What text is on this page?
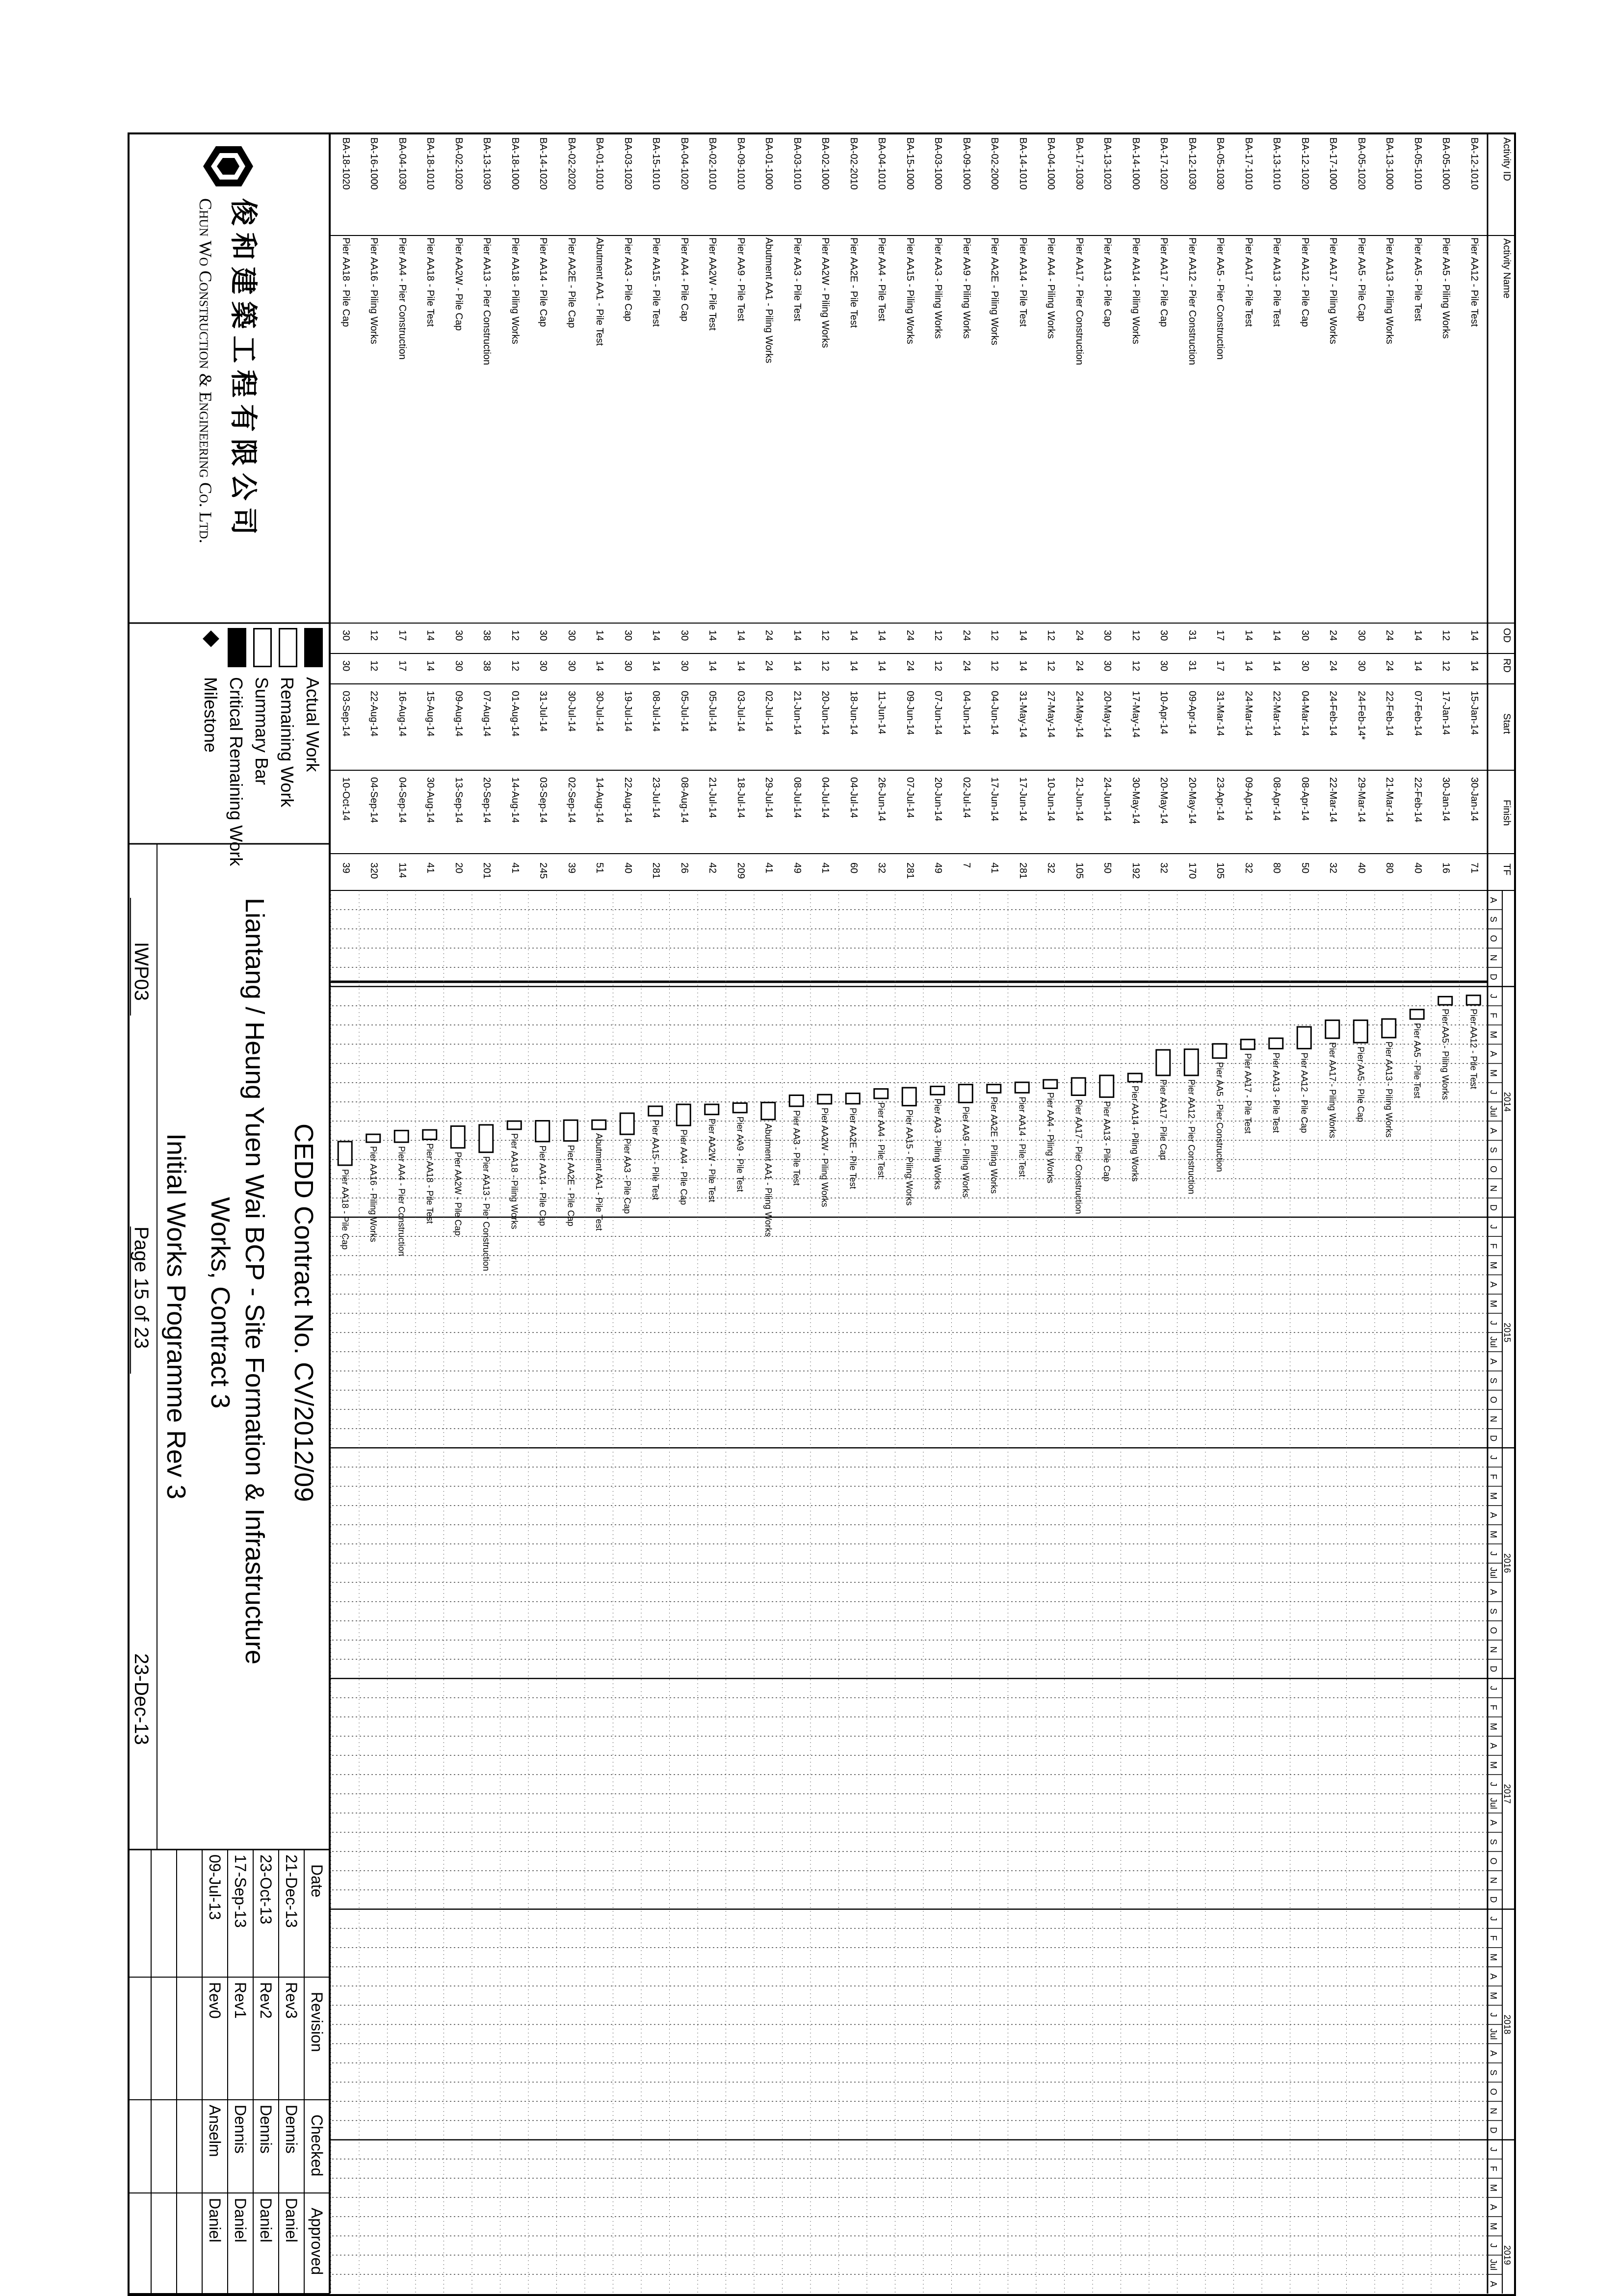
A
S
O
N
D
J
F
M
A
M
J
Jul
A
S
O
N
D
J
F
M
A
M
J
Jul
A
S
O
N
D
J
F
M
A
M
J
Jul
A
S
O
N
D
J
F
M
A
M
J
Jul
A
S
O
N
D
J
F
M
A
M
J
Jul
A
S
O
N
D
J
F
M
A
M
J
Jul
A
2014
2015
2016
2017
2018
2019
Pier AA12 - Pile Test
Pier AA5 - Piling Works
Pier AA5 - Pile Test
Pier AA13 - Piling Works
Pier AA5 - Pile Cap
Pier AA17 - Piling Works
Pier AA12 - Pile Cap
Pier AA13 - Pile Test
Pier AA17 - Pile Test
Pier AA5 - Pier Construction
Pier AA12 - Pier Construction
Pier AA17 - Pile Cap
Pier AA14 - Piling Works
Pier AA13 - Pile Cap
Pier AA17 - Pier Construction
Pier AA4 - Piling Works
Pier AA14 - Pile Test
Pier AA2E - Piling Works
Pier AA9 - Piling Works
Pier AA3 - Piling Works
Pier AA15 - Piling Works
Pier AA4 - Pile Test
Pier AA2E - Pile Test
Pier AA2W - Piling Works
Pier AA3 - Pile Test
Abutment AA1 - Piling Works
Pier AA9 - Pile Test
Pier AA2W - Pile Test
Pier AA4 - Pile Cap
Pier AA15 - Pile Test
Pier AA3 - Pile Cap
Abutment AA1 - Pile Test
Pier AA2E - Pile Cap
Pier AA14 - Pile Cap
Pier AA18 - Piling Works
Pier AA13 - Pier Construction
Pier AA2W - Pile Cap
Pier AA18 - Pile Test
Pier AA4 - Pier Construction
Pier AA16 - Piling Works
Pier AA18 - Pile Cap
俊和建築工程有限公司
Chun Wo Construction & Engineering Co. Ltd.
CEDD Contract No. CV/2012/09
Liantang / Heung Yuen Wai BCP - Site Formation & Infrastructure
Works, Contract 3
Initial Works Programme Rev 3
IWP03
Page 15 of 23
23-Dec-13
Activity ID
Activity Name
OD
RD
Start
Finish
TF
BA-12-1010
Pier AA12 - Pile Test
14
14
15-Jan-14
30-Jan-14
71
BA-05-1000
Pier AA5 - Piling Works
12
12
17-Jan-14
30-Jan-14
16
BA-05-1010
Pier AA5 - Pile Test
14
14
07-Feb-14
22-Feb-14
40
BA-13-1000
Pier AA13 - Piling Works
24
24
22-Feb-14
21-Mar-14
80
BA-05-1020
Pier AA5 - Pile Cap
30
30
24-Feb-14*
29-Mar-14
40
BA-17-1000
Pier AA17 - Piling Works
24
24
24-Feb-14
22-Mar-14
32
BA-12-1020
Pier AA12 - Pile Cap
30
30
04-Mar-14
08-Apr-14
50
BA-13-1010
Pier AA13 - Pile Test
14
14
22-Mar-14
08-Apr-14
80
BA-17-1010
Pier AA17 - Pile Test
14
14
24-Mar-14
09-Apr-14
32
BA-05-1030
Pier AA5 - Pier Construction
17
17
31-Mar-14
23-Apr-14
105
BA-12-1030
Pier AA12 - Pier Construction
31
31
09-Apr-14
20-May-14
170
BA-17-1020
Pier AA17 - Pile Cap
30
30
10-Apr-14
20-May-14
32
BA-14-1000
Pier AA14 - Piling Works
12
12
17-May-14
30-May-14
192
BA-13-1020
Pier AA13 - Pile Cap
30
30
20-May-14
24-Jun-14
50
BA-17-1030
Pier AA17 - Pier Construction
24
24
24-May-14
21-Jun-14
105
BA-04-1000
Pier AA4 - Piling Works
12
12
27-May-14
10-Jun-14
32
BA-14-1010
Pier AA14 - Pile Test
14
14
31-May-14
17-Jun-14
281
BA-02-2000
Pier AA2E - Piling Works
12
12
04-Jun-14
17-Jun-14
41
BA-09-1000
Pier AA9 - Piling Works
24
24
04-Jun-14
02-Jul-14
7
BA-03-1000
Pier AA3 - Piling Works
12
12
07-Jun-14
20-Jun-14
49
BA-15-1000
Pier AA15 - Piling Works
24
24
09-Jun-14
07-Jul-14
281
BA-04-1010
Pier AA4 - Pile Test
14
14
11-Jun-14
26-Jun-14
32
BA-02-2010
Pier AA2E - Pile Test
14
14
18-Jun-14
04-Jul-14
60
BA-02-1000
Pier AA2W - Piling Works
12
12
20-Jun-14
04-Jul-14
41
BA-03-1010
Pier AA3 - Pile Test
14
14
21-Jun-14
08-Jul-14
49
BA-01-1000
Abutment AA1 - Piling Works
24
24
02-Jul-14
29-Jul-14
41
BA-09-1010
Pier AA9 - Pile Test
14
14
03-Jul-14
18-Jul-14
209
BA-02-1010
Pier AA2W - Pile Test
14
14
05-Jul-14
21-Jul-14
42
BA-04-1020
Pier AA4 - Pile Cap
30
30
05-Jul-14
08-Aug-14
26
BA-15-1010
Pier AA15 - Pile Test
14
14
08-Jul-14
23-Jul-14
281
BA-03-1020
Pier AA3 - Pile Cap
30
30
19-Jul-14
22-Aug-14
40
BA-01-1010
Abutment AA1 - Pile Test
14
14
30-Jul-14
14-Aug-14
51
BA-02-2020
Pier AA2E - Pile Cap
30
30
30-Jul-14
02-Sep-14
39
BA-14-1020
Pier AA14 - Pile Cap
30
30
31-Jul-14
03-Sep-14
245
BA-18-1000
Pier AA18 - Piling Works
12
12
01-Aug-14
14-Aug-14
41
BA-13-1030
Pier AA13 - Pier Construction
38
38
07-Aug-14
20-Sep-14
201
BA-02-1020
Pier AA2W - Pile Cap
30
30
09-Aug-14
13-Sep-14
20
BA-18-1010
Pier AA18 - Pile Test
14
14
15-Aug-14
30-Aug-14
41
BA-04-1030
Pier AA4 - Pier Construction
17
17
16-Aug-14
04-Sep-14
114
BA-16-1000
Pier AA16 - Piling Works
12
12
22-Aug-14
04-Sep-14
320
BA-18-1020
Pier AA18 - Pile Cap
30
30
03-Sep-14
10-Oct-14
39
Actual Work
Remaining Work
Summary Bar
Critical Remaining Work
Milestone
Date
Revision
Checked
Approved
21-Dec-13
Rev3
Dennis
Daniel
23-Oct-13
Rev2
Dennis
Daniel
17-Sep-13
Rev1
Dennis
Daniel
09-Jul-13
Rev0
Anselm
Daniel
